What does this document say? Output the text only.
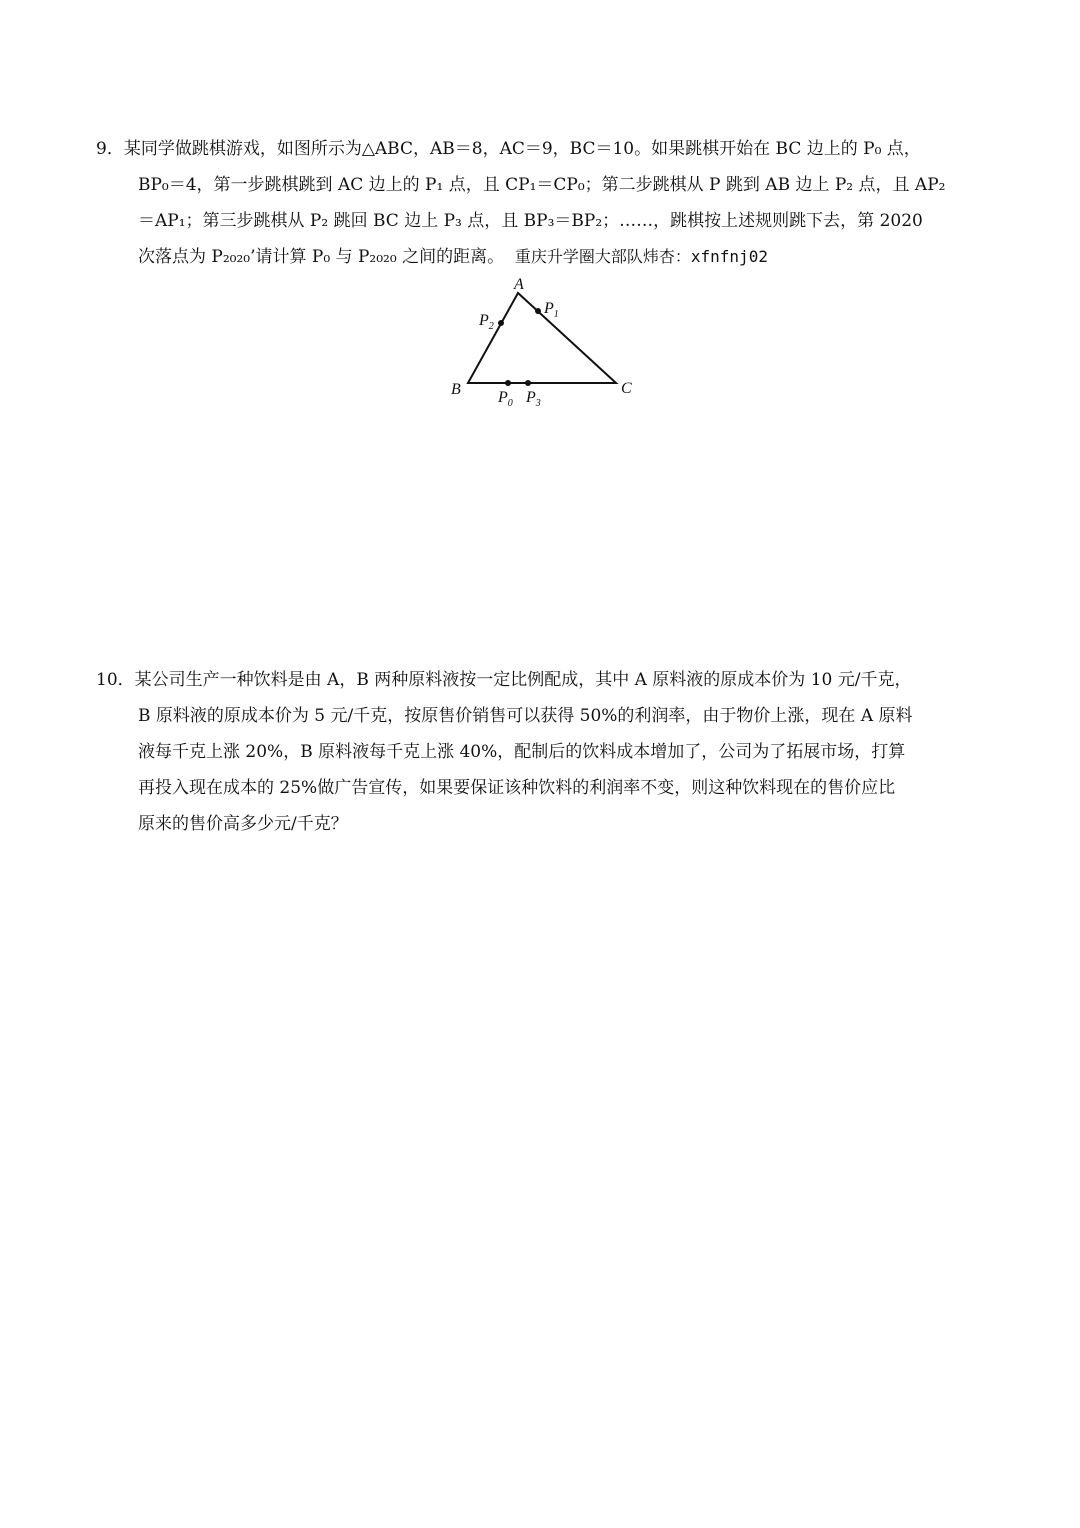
9．某同学做跳棋游戏，如图所示为△ABC，AB＝8，AC＝9，BC＝10。如果跳棋开始在 BC 边上的 P₀ 点，
BP₀＝4，第一步跳棋跳到 AC 边上的 P₁ 点，且 CP₁＝CP₀；第二步跳棋从 P 跳到 AB 边上 P₂ 点，且 AP₂
＝AP₁；第三步跳棋从 P₂ 跳回 BC 边上 P₃ 点，且 BP₃＝BP₂；……，跳棋按上述规则跳下去，第 2020
次落点为 P₂₀₂₀’请计算 P₀ 与 P₂₀₂₀ 之间的距离。 重庆升学圈大部队炜杏：xfnfnj02
A
B	C
$P_1$
$P_2$
$P_0$ $P_3$
10．某公司生产一种饮料是由 A，B 两种原料液按一定比例配成，其中 A 原料液的原成本价为 10 元/千克，
B 原料液的原成本价为 5 元/千克，按原售价销售可以获得 50%的利润率，由于物价上涨，现在 A 原料
液每千克上涨 20%，B 原料液每千克上涨 40%，配制后的饮料成本增加了，公司为了拓展市场，打算
再投入现在成本的 25%做广告宣传，如果要保证该种饮料的利润率不变，则这种饮料现在的售价应比
原来的售价高多少元/千克？
